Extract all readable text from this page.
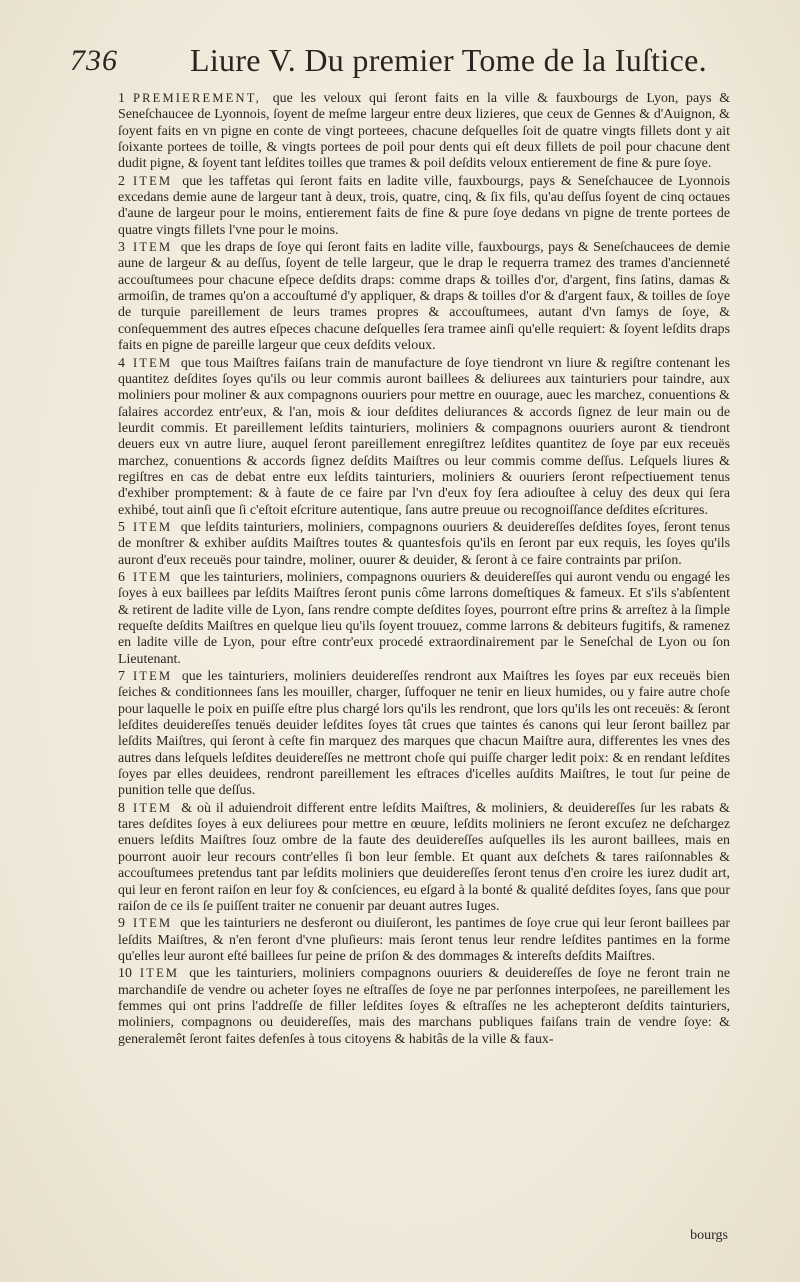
736 Liure V. Du premier Tome de la Iuſtice.

1 PREMIEREMENT, que les veloux qui ſeront faits en la ville & fauxbourgs de Lyon, pays & Seneſchaucee de Lyonnois, ſoyent de meſme largeur entre deux lizieres, que ceux de Gennes & d'Auignon, & ſoyent faits en vn pigne en conte de vingt porteees, chacune deſquelles ſoit de quatre vingts fillets dont y ait ſoixante portees de toille, & vingts portees de poil pour dents qui eſt deux fillets de poil pour chacune dent dudit pigne, & ſoyent tant leſdites toilles que trames & poil deſdits veloux entierement de fine & pure ſoye.

2 ITEM que les taffetas qui ſeront faits en ladite ville, fauxbourgs, pays & Seneſchaucee de Lyonnois excedans demie aune de largeur tant à deux, trois, quatre, cinq, & ſix fils, qu'au deſſus ſoyent de cinq octaues d'aune de largeur pour le moins, entierement faits de fine & pure ſoye dedans vn pigne de trente portees de quatre vingts fillets l'vne pour le moins.

3 ITEM que les draps de ſoye qui ſeront faits en ladite ville, fauxbourgs, pays & Seneſchaucees de demie aune de largeur & au deſſus, ſoyent de telle largeur, que le drap le requerra tramez des trames d'ancienneté accouſtumees pour chacune eſpece deſdits draps: comme draps & toilles d'or, d'argent, fins ſatins, damas & armoiſin, de trames qu'on a accouſtumé d'y appliquer, & draps & toilles d'or & d'argent faux, & toilles de ſoye de turquie pareillement de leurs trames propres & accouſtumees, autant d'vn ſamys de ſoye, & conſequemment des autres eſpeces chacune deſquelles ſera tramee ainſi qu'elle requiert: & ſoyent leſdits draps faits en pigne de pareille largeur que ceux deſdits veloux.

4 ITEM que tous Maiſtres faiſans train de manufacture de ſoye tiendront vn liure & regiſtre contenant les quantitez deſdites ſoyes qu'ils ou leur commis auront baillees & deliurees aux tainturiers pour taindre, aux moliniers pour moliner & aux compagnons ouuriers pour mettre en ouurage, auec les marchez, conuentions & ſalaires accordez entr'eux, & l'an, mois & iour deſdites deliurances & accords ſignez de leur main ou de leurdit commis. Et pareillement leſdits tainturiers, moliniers & compagnons ouuriers auront & tiendront deuers eux vn autre liure, auquel ſeront pareillement enregiſtrez leſdites quantitez de ſoye par eux receuës marchez, conuentions & accords ſignez deſdits Maiſtres ou leur commis comme deſſus. Leſquels liures & regiſtres en cas de debat entre eux leſdits tainturiers, moliniers & ouuriers ſeront reſpectiuement tenus d'exhiber promptement: & à faute de ce faire par l'vn d'eux foy ſera adiouſtee à celuy des deux qui ſera exhibé, tout ainſi que ſi c'eſtoit eſcriture autentique, ſans autre preuue ou recognoiſſance deſdites eſcritures.

5 ITEM que leſdits tainturiers, moliniers, compagnons ouuriers & deuidereſſes deſdites ſoyes, ſeront tenus de monſtrer & exhiber auſdits Maiſtres toutes & quantesfois qu'ils en ſeront par eux requis, les ſoyes qu'ils auront d'eux receuës pour taindre, moliner, ouurer & deuider, & ſeront à ce faire contraints par priſon.

6 ITEM que les tainturiers, moliniers, compagnons ouuriers & deuidereſſes qui auront vendu ou engagé les ſoyes à eux baillees par leſdits Maiſtres ſeront punis côme larrons domeſtiques & fameux. Et s'ils s'abſentent & retirent de ladite ville de Lyon, ſans rendre compte deſdites ſoyes, pourront eſtre prins & arreſtez à la ſimple requeſte deſdits Maiſtres en quelque lieu qu'ils ſoyent trouuez, comme larrons & debiteurs fugitifs, & ramenez en ladite ville de Lyon, pour eſtre contr'eux procedé extraordinairement par le Seneſchal de Lyon ou ſon Lieutenant.

7 ITEM que les tainturiers, moliniers deuidereſſes rendront aux Maiſtres les ſoyes par eux receuës bien ſeiches & conditionnees ſans les mouiller, charger, ſuffoquer ne tenir en lieux humides, ou y faire autre choſe pour laquelle le poix en puiſſe eſtre plus chargé lors qu'ils les rendront, que lors qu'ils les ont receuës: & ſeront leſdites deuidereſſes tenuës deuider leſdites ſoyes tât crues que taintes és canons qui leur ſeront baillez par leſdits Maiſtres, qui ſeront à ceſte fin marquez des marques que chacun Maiſtre aura, differentes les vnes des autres dans leſquels leſdites deuidereſſes ne mettront choſe qui puiſſe charger ledit poix: & en rendant leſdites ſoyes par elles deuidees, rendront pareillement les eſtraces d'icelles auſdits Maiſtres, le tout ſur peine de punition telle que deſſus.

8 ITEM & où il aduiendroit different entre leſdits Maiſtres, & moliniers, & deuidereſſes ſur les rabats & tares deſdites ſoyes à eux deliurees pour mettre en œuure, leſdits moliniers ne ſeront excuſez ne deſchargez enuers leſdits Maiſtres ſouz ombre de la faute des deuidereſſes auſquelles ils les auront baillees, mais en pourront auoir leur recours contr'elles ſi bon leur ſemble. Et quant aux deſchets & tares raiſonnables & accouſtumees pretendus tant par leſdits moliniers que deuidereſſes ſeront tenus d'en croire les iurez dudit art, qui leur en feront raiſon en leur foy & conſciences, eu eſgard à la bonté & qualité deſdites ſoyes, ſans que pour raiſon de ce ils ſe puiſſent traiter ne conuenir par deuant autres Iuges.

9 ITEM que les tainturiers ne desferont ou diuiſeront, les pantimes de ſoye crue qui leur ſeront baillees par leſdits Maiſtres, & n'en feront d'vne pluſieurs: mais ſeront tenus leur rendre leſdites pantimes en la forme qu'elles leur auront eſté baillees ſur peine de priſon & des dommages & intereſts deſdits Maiſtres.

10 ITEM que les tainturiers, moliniers compagnons ouuriers & deuidereſſes de ſoye ne feront train ne marchandiſe de vendre ou acheter ſoyes ne eſtraſſes de ſoye ne par perſonnes interpoſees, ne pareillement les femmes qui ont prins l'addreſſe de filler leſdites ſoyes & eſtraſſes ne les achepteront deſdits tainturiers, moliniers, compagnons ou deuidereſſes, mais des marchans publiques faiſans train de vendre ſoye: & generalemêt ſeront faites defenſes à tous citoyens & habitâs de la ville & faux-

bourgs
